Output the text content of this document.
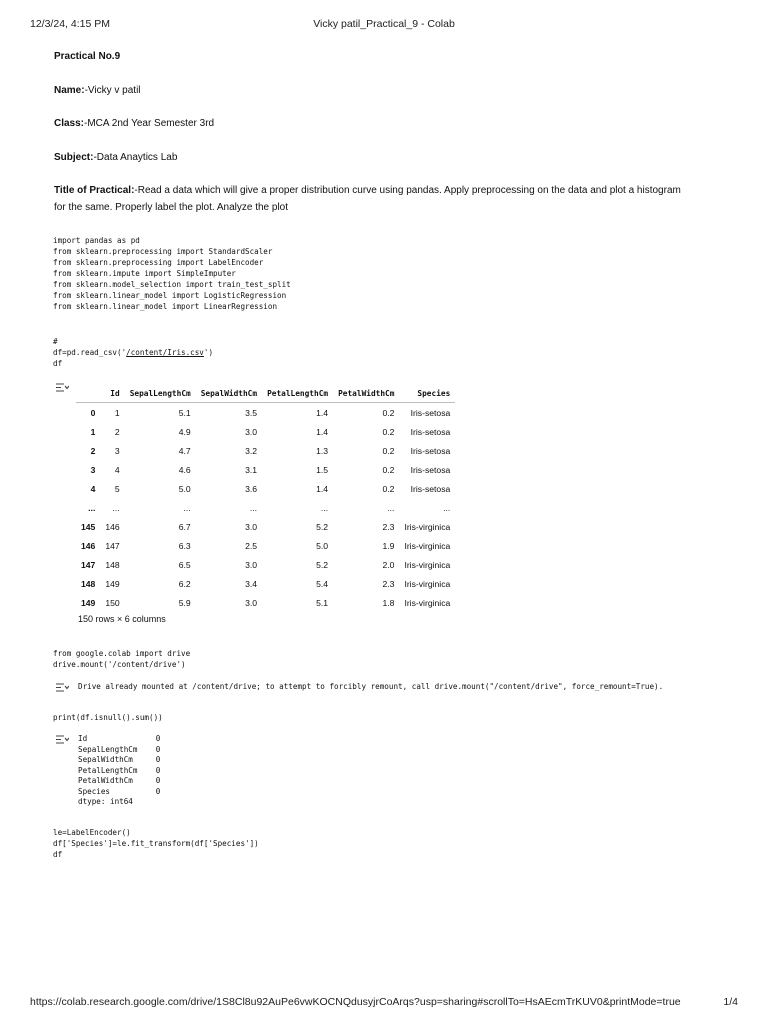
12/3/24, 4:15 PM	Vicky patil_Practical_9 - Colab
Practical No.9
Name:-Vicky v patil
Class:-MCA 2nd Year Semester 3rd
Subject:-Data Anaytics Lab
Title of Practical:-Read a data which will give a proper distribution curve using pandas. Apply preprocessing on the data and plot a histogram
for the same. Properly label the plot. Analyze the plot
import pandas as pd
from sklearn.preprocessing import StandardScaler
from sklearn.preprocessing import LabelEncoder
from sklearn.impute import SimpleImputer
from sklearn.model_selection import train_test_split
from sklearn.linear_model import LogisticRegression
from sklearn.linear_model import LinearRegression
#
df=pd.read_csv('/content/Iris.csv')
df
	Id	SepalLengthCm	SepalWidthCm	PetalLengthCm	PetalWidthCm	Species
0	1	5.1	3.5	1.4	0.2	Iris-setosa
1	2	4.9	3.0	1.4	0.2	Iris-setosa
2	3	4.7	3.2	1.3	0.2	Iris-setosa
3	4	4.6	3.1	1.5	0.2	Iris-setosa
4	5	5.0	3.6	1.4	0.2	Iris-setosa
...	...	...	...	...	...	...
145	146	6.7	3.0	5.2	2.3	Iris-virginica
146	147	6.3	2.5	5.0	1.9	Iris-virginica
147	148	6.5	3.0	5.2	2.0	Iris-virginica
148	149	6.2	3.4	5.4	2.3	Iris-virginica
149	150	5.9	3.0	5.1	1.8	Iris-virginica
150 rows × 6 columns
from google.colab import drive
drive.mount('/content/drive')
Drive already mounted at /content/drive; to attempt to forcibly remount, call drive.mount("/content/drive", force_remount=True).
print(df.isnull().sum())
Id               0
SepalLengthCm    0
SepalWidthCm     0
PetalLengthCm    0
PetalWidthCm     0
Species          0
dtype: int64
le=LabelEncoder()
df['Species']=le.fit_transform(df['Species'])
df
https://colab.research.google.com/drive/1S8Cl8u92AuPe6vwKOCNQdusyjrCoArqs?usp=sharing#scrollTo=HsAEcmTrKUV0&printMode=true	1/4
